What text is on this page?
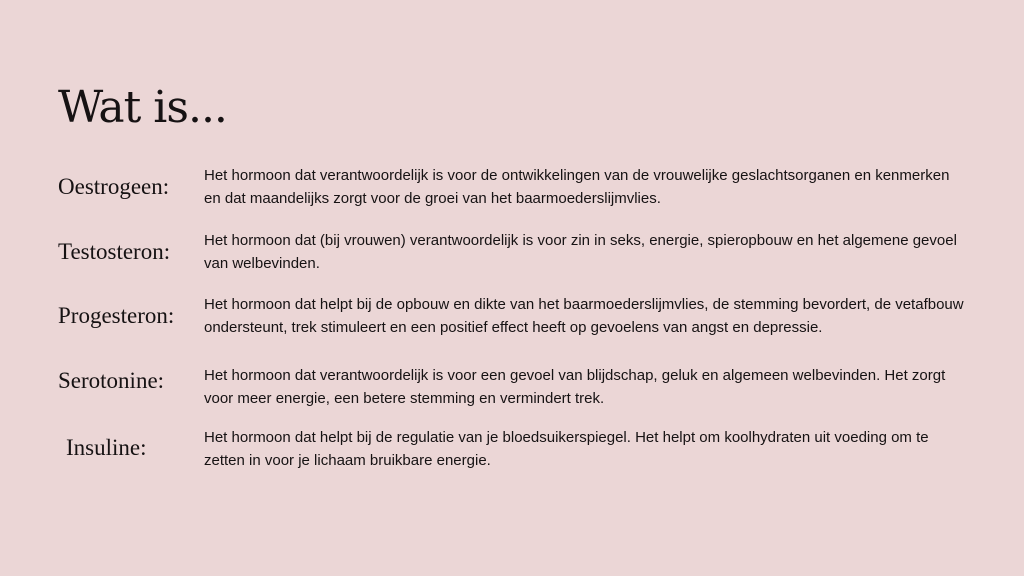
Wat is...
Oestrogeen: Het hormoon dat verantwoordelijk is voor de ontwikkelingen van de vrouwelijke geslachtsorganen en kenmerken en dat maandelijks zorgt voor de groei van het baarmoederslijmvlies.
Testosteron: Het hormoon dat (bij vrouwen) verantwoordelijk is voor zin in seks, energie, spieropbouw en het algemene gevoel van welbevinden.
Progesteron: Het hormoon dat helpt bij de opbouw en dikte van het baarmoederslijmvlies, de stemming bevordert, de vetafbouw ondersteunt, trek stimuleert en een positief effect heeft op gevoelens van angst en depressie.
Serotonine:	Het hormoon dat verantwoordelijk is voor een gevoel van blijdschap, geluk en algemeen welbevinden. Het zorgt voor meer energie, een betere stemming en vermindert trek.
Insuline:	Het hormoon dat helpt bij de regulatie van je bloedsuikerspiegel. Het helpt om koolhydraten uit voeding om te zetten in voor je lichaam bruikbare energie.
